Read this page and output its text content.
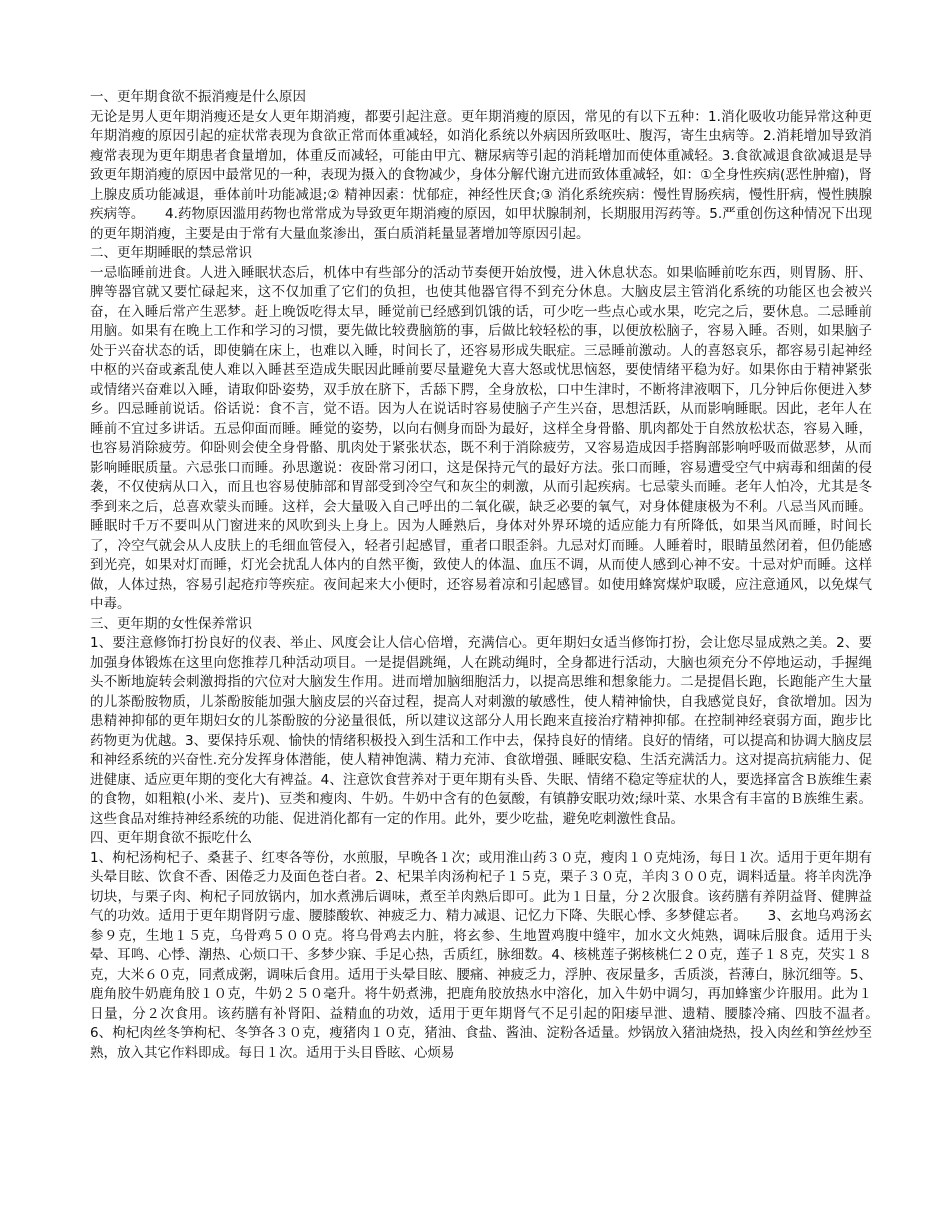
一、更年期食欲不振消瘦是什么原因

无论是男人更年期消瘦还是女人更年期消瘦，都要引起注意。更年期消瘦的原因，常见的有以下五种：1.消化吸收功能异常这种更年期消瘦的原因引起的症状常表现为食欲正常而体重减轻，如消化系统以外病因所致呕吐、腹泻，寄生虫病等。2.消耗增加导致消瘦常表现为更年期患者食量增加，体重反而减轻，可能由甲亢、糖尿病等引起的消耗增加而使体重减轻。3.食欲减退食欲减退是导致更年期消瘦的原因中最常见的一种，表现为摄入的食物减少，身体分解代谢亢进而致体重减轻，如：①全身性疾病(恶性肿瘤)，肾上腺皮质功能减退，垂体前叶功能减退;② 精神因素：忧郁症，神经性厌食;③ 消化系统疾病：慢性胃肠疾病，慢性肝病，慢性胰腺疾病等。　　4.药物原因滥用药物也常常成为导致更年期消瘦的原因，如甲状腺制剂，长期服用泻药等。5.严重创伤这种情况下出现的更年期消瘦，主要是由于常有大量血浆渗出，蛋白质消耗量显著增加等原因引起。

二、更年期睡眠的禁忌常识

一忌临睡前进食。人进入睡眠状态后，机体中有些部分的活动节奏便开始放慢，进入休息状态。如果临睡前吃东西，则胃肠、肝、脾等器官就又要忙碌起来，这不仅加重了它们的负担，也使其他器官得不到充分休息。大脑皮层主管消化系统的功能区也会被兴奋，在入睡后常产生恶梦。赶上晚饭吃得太早，睡觉前已经感到饥饿的话，可少吃一些点心或水果，吃完之后，要休息。二忌睡前用脑。如果有在晚上工作和学习的习惯，要先做比较费脑筋的事，后做比较轻松的事，以便放松脑子，容易入睡。否则，如果脑子处于兴奋状态的话，即使躺在床上，也难以入睡，时间长了，还容易形成失眠症。三忌睡前激动。人的喜怒哀乐，都容易引起神经中枢的兴奋或紊乱使人难以入睡甚至造成失眠因此睡前要尽量避免大喜大怒或忧思恼怒，要使情绪平稳为好。如果你由于精神紧张或情绪兴奋难以入睡，请取仰卧姿势，双手放在脐下，舌舔下腭，全身放松，口中生津时，不断将津液咽下，几分钟后你便进入梦乡。四忌睡前说话。俗话说：食不言，觉不语。因为人在说话时容易使脑子产生兴奋，思想活跃，从而影响睡眠。因此，老年人在睡前不宜过多讲话。五忌仰面而睡。睡觉的姿势，以向右侧身而卧为最好，这样全身骨骼、肌肉都处于自然放松状态，容易入睡，也容易消除疲劳。仰卧则会使全身骨骼、肌肉处于紧张状态，既不利于消除疲劳，又容易造成因手搭胸部影响呼吸而做恶梦，从而影响睡眠质量。六忌张口而睡。孙思邈说：夜卧常习闭口，这是保持元气的最好方法。张口而睡，容易遭受空气中病毒和细菌的侵袭，不仅使病从口入，而且也容易使肺部和胃部受到冷空气和灰尘的刺激，从而引起疾病。七忌蒙头而睡。老年人怕冷，尤其是冬季到来之后，总喜欢蒙头而睡。这样，会大量吸入自己呼出的二氧化碳，缺乏必要的氧气，对身体健康极为不利。八忌当风而睡。睡眠时千万不要叫从门窗进来的风吹到头上身上。因为人睡熟后，身体对外界环境的适应能力有所降低，如果当风而睡，时间长了，冷空气就会从人皮肤上的毛细血管侵入，轻者引起感冒，重者口眼歪斜。九忌对灯而睡。人睡着时，眼睛虽然闭着，但仍能感到光亮，如果对灯而睡，灯光会扰乱人体内的自然平衡，致使人的体温、血压不调，从而使人感到心神不安。十忌对炉而睡。这样做，人体过热，容易引起疮疖等疾症。夜间起来大小便时，还容易着凉和引起感冒。如使用蜂窝煤炉取暖，应注意通风，以免煤气中毒。

三、更年期的女性保养常识

1、要注意修饰打扮良好的仪表、举止、风度会让人信心倍增，充满信心。更年期妇女适当修饰打扮，会让您尽显成熟之美。2、要加强身体锻炼在这里向您推荐几种活动项目。一是提倡跳绳，人在跳动绳时，全身都进行活动，大脑也须充分不停地运动，手握绳头不断地旋转会刺激拇指的穴位对大脑发生作用。进而增加脑细胞活力，以提高思维和想象能力。二是提倡长跑，长跑能产生大量的儿茶酚胺物质，儿茶酚胺能加强大脑皮层的兴奋过程，提高人对刺激的敏感性，使人精神愉快，自我感觉良好，食欲增加。因为患精神抑郁的更年期妇女的儿茶酚胺的分泌量很低，所以建议这部分人用长跑来直接治疗精神抑郁。在控制神经衰弱方面，跑步比药物更为优越。3、要保持乐观、愉快的情绪积极投入到生活和工作中去，保持良好的情绪。良好的情绪，可以提高和协调大脑皮层和神经系统的兴奋性.充分发挥身体潜能，使人精神饱满、精力充沛、食欲增强、睡眠安稳、生活充满活力。这对提高抗病能力、促进健康、适应更年期的变化大有裨益。4、注意饮食营养对于更年期有头昏、失眠、情绪不稳定等症状的人，要选择富含Ｂ族维生素的食物，如粗粮(小米、麦片)、豆类和瘦肉、牛奶。牛奶中含有的色氨酸，有镇静安眠功效;绿叶菜、水果含有丰富的Ｂ族维生素。这些食品对维持神经系统的功能、促进消化都有一定的作用。此外，要少吃盐，避免吃刺激性食品。

四、更年期食欲不振吃什么

1、枸杞汤枸杞子、桑葚子、红枣各等份，水煎服，早晚各１次；或用淮山药３０克，瘦肉１０克炖汤，每日１次。适用于更年期有头晕目眩、饮食不香、困倦乏力及面色苍白者。2、杞果羊肉汤枸杞子１５克，栗子３０克，羊肉３００克，调料适量。将羊肉洗净切块，与栗子肉、枸杞子同放锅内，加水煮沸后调味，煮至羊肉熟后即可。此为１日量，分２次服食。该药膳有养阴益肾、健脾益气的功效。适用于更年期肾阴亏虚、腰膝酸软、神疲乏力、精力减退、记忆力下降、失眠心悸、多梦健忘者。　　3、玄地乌鸡汤玄参９克，生地１５克，乌骨鸡５００克。将乌骨鸡去内脏，将玄参、生地置鸡腹中缝牢，加水文火炖熟，调味后服食。适用于头晕、耳鸣、心悸、潮热、心烦口干、多梦少寐、手足心热，舌质红，脉细数。4、核桃莲子粥核桃仁２０克，莲子１８克，芡实１８克，大米６０克，同煮成粥，调味后食用。适用于头晕目眩、腰痛、神疲乏力，浮肿、夜尿量多，舌质淡，苔薄白，脉沉细等。5、鹿角胶牛奶鹿角胶１０克，牛奶２５０毫升。将牛奶煮沸，把鹿角胶放热水中溶化，加入牛奶中调匀，再加蜂蜜少许服用。此为１日量，分２次食用。该药膳有补肾阳、益精血的功效，适用于更年期肾气不足引起的阳痿早泄、遗精、腰膝冷痛、四肢不温者。　　6、枸杞肉丝冬笋枸杞、冬笋各３０克，瘦猪肉１０克，猪油、食盐、酱油、淀粉各适量。炒锅放入猪油烧热，投入肉丝和笋丝炒至熟，放入其它作料即成。每日１次。适用于头目昏眩、心烦易
